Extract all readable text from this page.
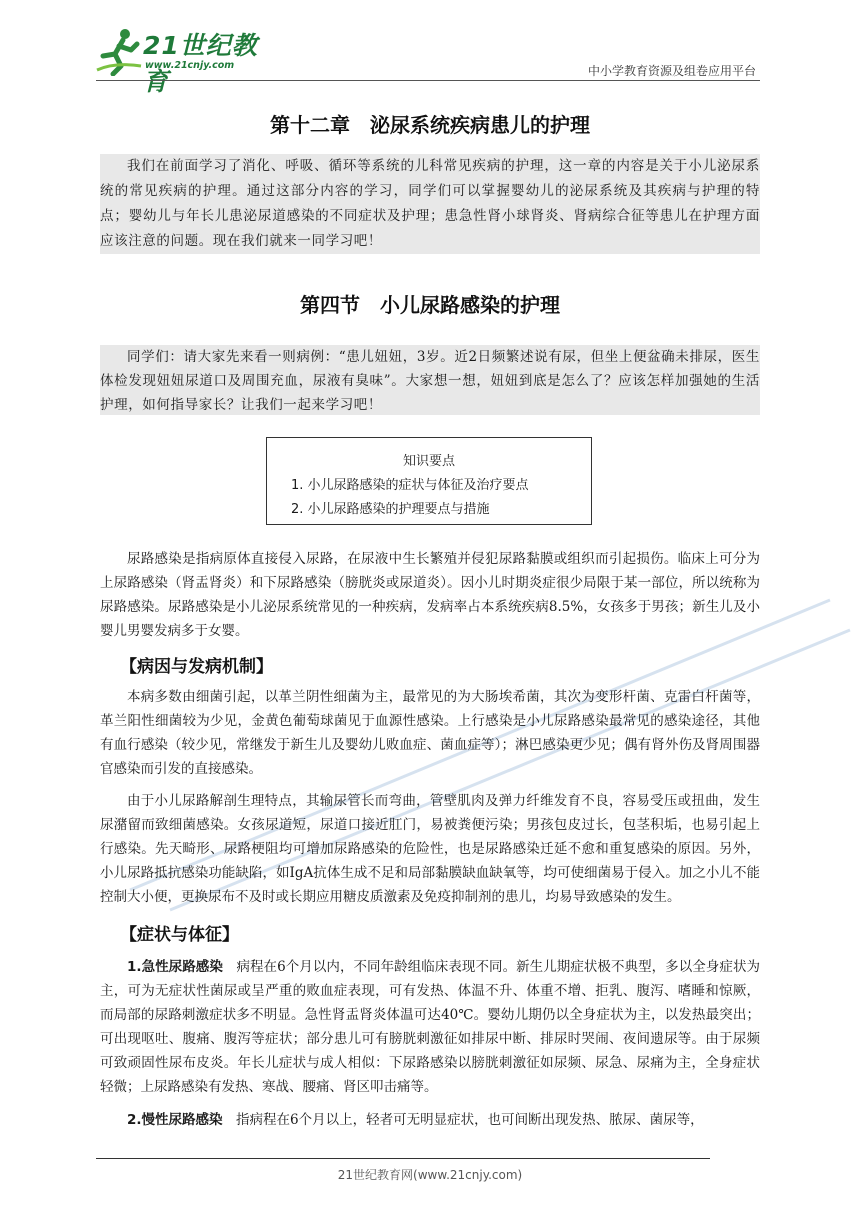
21世纪教育
www.21cnjy.com	中小学教育资源及组卷应用平台
第十二章　泌尿系统疾病患儿的护理
我们在前面学习了消化、呼吸、循环等系统的儿科常见疾病的护理，这一章的内容是关于小儿泌尿系统的常见疾病的护理。通过这部分内容的学习，同学们可以掌握婴幼儿的泌尿系统及其疾病与护理的特点；婴幼儿与年长儿患泌尿道感染的不同症状及护理；患急性肾小球肾炎、肾病综合征等患儿在护理方面应该注意的问题。现在我们就来一同学习吧！
第四节　小儿尿路感染的护理
同学们：请大家先来看一则病例：“患儿妞妞，3岁。近2日频繁述说有尿，但坐上便盆确未排尿，医生体检发现妞妞尿道口及周围充血，尿液有臭味”。大家想一想，妞妞到底是怎么了？应该怎样加强她的生活护理，如何指导家长？让我们一起来学习吧！
知识要点
1. 小儿尿路感染的症状与体征及治疗要点
2. 小儿尿路感染的护理要点与措施
尿路感染是指病原体直接侵入尿路，在尿液中生长繁殖并侵犯尿路黏膜或组织而引起损伤。临床上可分为上尿路感染（肾盂肾炎）和下尿路感染（膀胱炎或尿道炎）。因小儿时期炎症很少局限于某一部位，所以统称为尿路感染。尿路感染是小儿泌尿系统常见的一种疾病，发病率占本系统疾病8.5%，女孩多于男孩；新生儿及小婴儿男婴发病多于女婴。
【病因与发病机制】
本病多数由细菌引起，以革兰阴性细菌为主，最常见的为大肠埃希菌，其次为变形杆菌、克雷白杆菌等，革兰阳性细菌较为少见，金黄色葡萄球菌见于血源性感染。上行感染是小儿尿路感染最常见的感染途径，其他有血行感染（较少见，常继发于新生儿及婴幼儿败血症、菌血症等）；淋巴感染更少见；偶有肾外伤及肾周围器官感染而引发的直接感染。
由于小儿尿路解剖生理特点，其输尿管长而弯曲，管壁肌肉及弹力纤维发育不良，容易受压或扭曲，发生尿潴留而致细菌感染。女孩尿道短，尿道口接近肛门，易被粪便污染；男孩包皮过长，包茎积垢，也易引起上行感染。先天畸形、尿路梗阻均可增加尿路感染的危险性，也是尿路感染迁延不愈和重复感染的原因。另外，小儿尿路抵抗感染功能缺陷，如IgA抗体生成不足和局部黏膜缺血缺氧等，均可使细菌易于侵入。加之小儿不能控制大小便，更换尿布不及时或长期应用糖皮质激素及免疫抑制剂的患儿，均易导致感染的发生。
【症状与体征】
1.急性尿路感染　病程在6个月以内，不同年龄组临床表现不同。新生儿期症状极不典型，多以全身症状为主，可为无症状性菌尿或呈严重的败血症表现，可有发热、体温不升、体重不增、拒乳、腹泻、嗜睡和惊厥，而局部的尿路刺激症状多不明显。急性肾盂肾炎体温可达40℃。婴幼儿期仍以全身症状为主，以发热最突出；可出现呕吐、腹痛、腹泻等症状；部分患儿可有膀胱刺激征如排尿中断、排尿时哭闹、夜间遗尿等。由于尿频可致顽固性尿布皮炎。年长儿症状与成人相似：下尿路感染以膀胱刺激征如尿频、尿急、尿痛为主，全身症状轻微；上尿路感染有发热、寒战、腰痛、肾区叩击痛等。
2.慢性尿路感染　指病程在6个月以上，轻者可无明显症状，也可间断出现发热、脓尿、菌尿等，
21世纪教育网(www.21cnjy.com)
